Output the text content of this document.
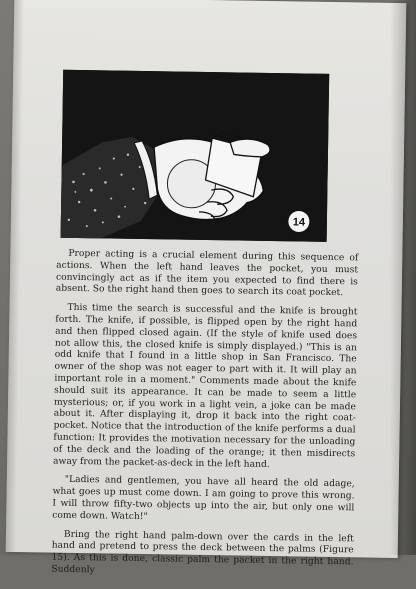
14

Proper acting is a crucial element during this sequence of actions. When the left hand leaves the pocket, you must convincingly act as if the item you expected to find there is absent. So the right hand then goes to search its coat pocket.

This time the search is successful and the knife is brought forth. The knife, if possible, is flipped open by the right hand and then flipped closed again. (If the style of knife used does not allow this, the closed knife is simply displayed.) "This is an odd knife that I found in a little shop in San Francisco. The owner of the shop was not eager to part with it. It will play an important role in a moment." Comments made about the knife should suit its appearance. It can be made to seem a little mysterious; or, if you work in a light vein, a joke can be made about it. After displaying it, drop it back into the right coat-pocket. Notice that the introduction of the knife performs a dual function: It provides the motivation necessary for the unloading of the deck and the loading of the orange; it then misdirects away from the packet-as-deck in the left hand.

"Ladies and gentlemen, you have all heard the old adage, what goes up must come down. I am going to prove this wrong. I will throw fifty-two objects up into the air, but only one will come down. Watch!"

Bring the right hand palm-down over the cards in the left hand and pretend to press the deck between the palms (Figure 15). As this is done, classic palm the packet in the right hand. Suddenly
